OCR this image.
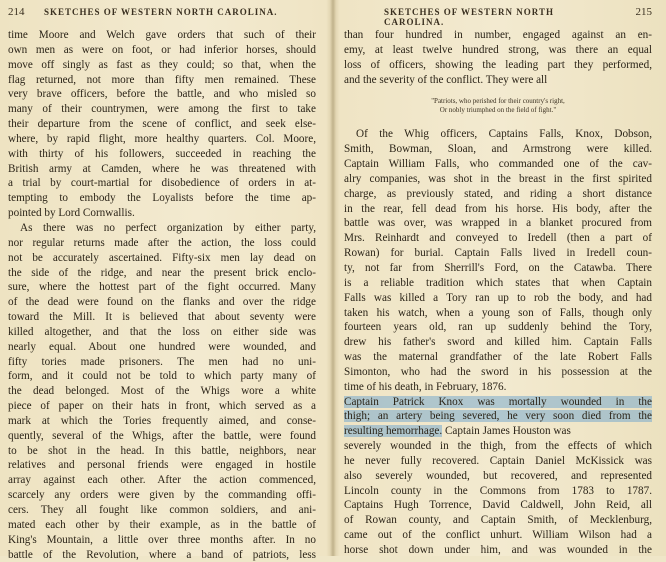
214 SKETCHES OF WESTERN NORTH CAROLINA.
time Moore and Welch gave orders that such of their
own men as were on foot, or had inferior horses, should
move off singly as fast as they could; so that, when the
flag returned, not more than fifty men remained. These
very brave officers, before the battle, and who misled so
many of their countrymen, were among the first to take
their departure from the scene of conflict, and seek else-
where, by rapid flight, more healthy quarters. Col. Moore,
with thirty of his followers, succeeded in reaching the
British army at Camden, where he was threatened with
a trial by court-martial for disobedience of orders in at-
tempting to embody the Loyalists before the time ap-
pointed by Lord Cornwallis.
As there was no perfect organization by either party,
nor regular returns made after the action, the loss could
not be accurately ascertained. Fifty-six men lay dead on
the side of the ridge, and near the present brick enclo-
sure, where the hottest part of the fight occurred. Many
of the dead were found on the flanks and over the ridge
toward the Mill. It is believed that about seventy were
killed altogether, and that the loss on either side was
nearly equal. About one hundred were wounded, and
fifty tories made prisoners. The men had no uni-
form, and it could not be told to which party many of
the dead belonged. Most of the Whigs wore a white
piece of paper on their hats in front, which served as a
mark at which the Tories frequently aimed, and conse-
quently, several of the Whigs, after the battle, were found
to be shot in the head. In this battle, neighbors, near
relatives and personal friends were engaged in hostile
array against each other. After the action commenced,
scarcely any orders were given by the commanding offi-
cers. They all fought like common soldiers, and ani-
mated each other by their example, as in the battle of
King's Mountain, a little over three months after. In no
battle of the Revolution, where a band of patriots, less
SKETCHES OF WESTERN NORTH CAROLINA.
215
than four hundred in number, engaged against an en-
emy, at least twelve hundred strong, was there an equal
loss of officers, showing the leading part they performed,
and the severity of the conflict. They were all
"Patriots, who perished for their country's right,
Or nobly triumphed on the field of fight."
Of the Whig officers, Captains Falls, Knox, Dobson,
Smith, Bowman, Sloan, and Armstrong were killed.
Captain William Falls, who commanded one of the cav-
alry companies, was shot in the breast in the first spirited
charge, as previously stated, and riding a short distance
in the rear, fell dead from his horse. His body, after the
battle was over, was wrapped in a blanket procured from
Mrs. Reinhardt and conveyed to Iredell (then a part of
Rowan) for burial. Captain Falls lived in Iredell coun-
ty, not far from Sherrill's Ford, on the Catawba. There
is a reliable tradition which states that when Captain
Falls was killed a Tory ran up to rob the body, and had
taken his watch, when a young son of Falls, though only
fourteen years old, ran up suddenly behind the Tory,
drew his father's sword and killed him. Captain Falls
was the maternal grandfather of the late Robert Falls
Simonton, who had the sword in his possession at the
time of his death, in February, 1876.
Captain Patrick Knox was mortally wounded in the
thigh; an artery being severed, he very soon died from the
resulting hemorrhage. Captain James Houston was
severely wounded in the thigh, from the effects of which
he never fully recovered. Captain Daniel McKissick was
also severely wounded, but recovered, and represented
Lincoln county in the Commons from 1783 to 1787.
Captains Hugh Torrence, David Caldwell, John Reid, all
of Rowan county, and Captain Smith, of Mecklenburg,
came out of the conflict unhurt. William Wilson had a
horse shot down under him, and was wounded in the
